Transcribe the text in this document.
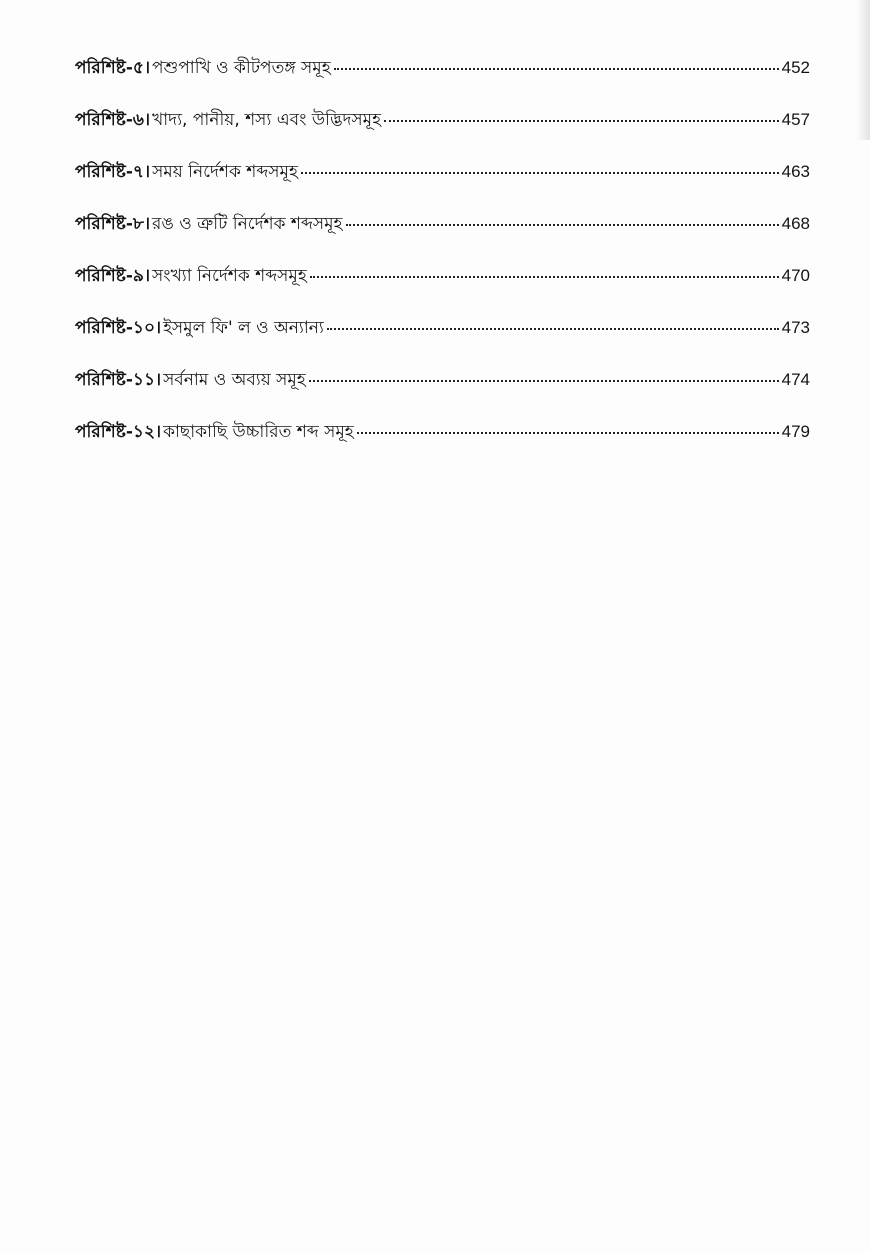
পরিশিষ্ট-৫। পশুপাখি ও কীটপতঙ্গ সমূহ	452
পরিশিষ্ট-৬। খাদ্য, পানীয়, শস্য এবং উদ্ভিদসমূহ	457
পরিশিষ্ট-৭। সময় নির্দেশক শব্দসমূহ	463
পরিশিষ্ট-৮। রঙ ও ত্রুটি নির্দেশক শব্দসমূহ	468
পরিশিষ্ট-৯। সংখ্যা নির্দেশক শব্দসমূহ	470
পরিশিষ্ট-১০। ইসমুল ফি' ল ও অন্যান্য	473
পরিশিষ্ট-১১। সর্বনাম ও অব্যয় সমূহ	474
পরিশিষ্ট-১২। কাছাকাছি উচ্চারিত শব্দ সমূহ	479
